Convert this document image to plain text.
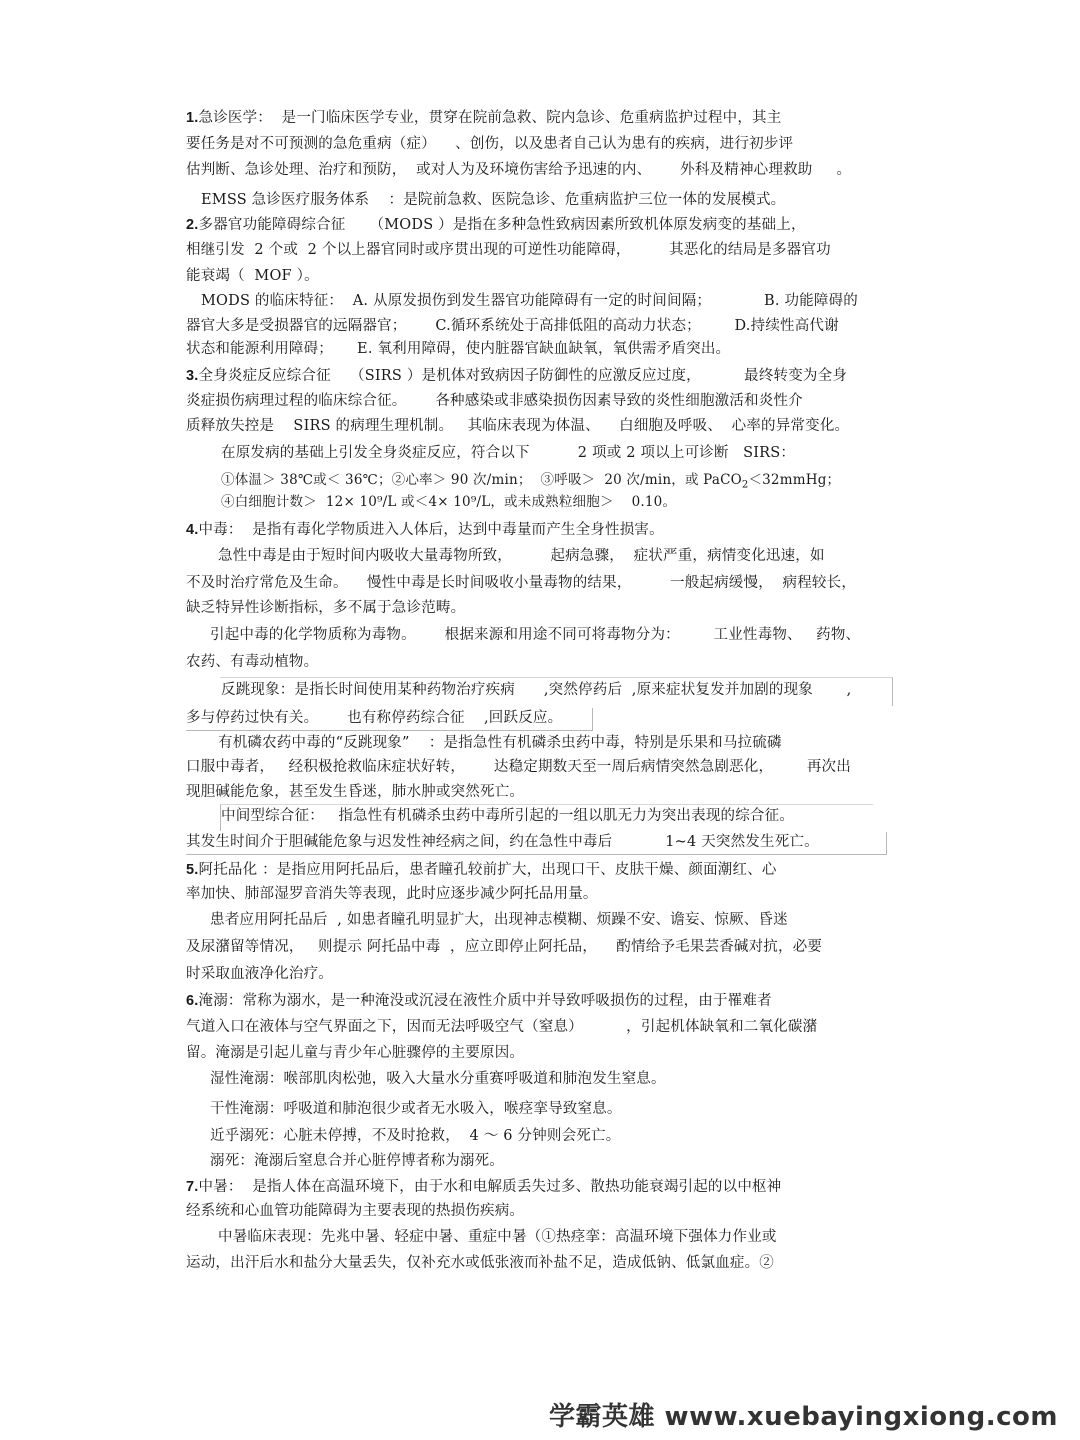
1.急诊医学：  是一门临床医学专业，贯穿在院前急救、院内急诊、危重病监护过程中，其主
要任务是对不可预测的急危重病（症）    、创伤，以及患者自己认为患有的疾病，进行初步评
估判断、急诊处理、治疗和预防，  或对人为及环境伤害给予迅速的内、      外科及精神心理救助     。
EMSS 急诊医疗服务体系    ：是院前急救、医院急诊、危重病监护三位一体的发展模式。
2.多器官功能障碍综合征     （MODS ）是指在多种急性致病因素所致机体原发病变的基础上，
相继引发  2 个或  2 个以上器官同时或序贯出现的可逆性功能障碍，        其恶化的结局是多器官功
能衰竭（  MOF ）。
MODS 的临床特征：  A. 从原发损伤到发生器官功能障碍有一定的时间间隔；           B. 功能障碍的
器官大多是受损器官的远隔器官；      C.循环系统处于高排低阻的高动力状态；       D.持续性高代谢
状态和能源利用障碍；     E. 氧利用障碍，使内脏器官缺血缺氧，氧供需矛盾突出。
3.全身炎症反应综合征    （SIRS ）是机体对致病因子防御性的应激反应过度，         最终转变为全身
炎症损伤病理过程的临床综合征。      各种感染或非感染损伤因素导致的炎性细胞激活和炎性介
质释放失控是    SIRS 的病理生理机制。   其临床表现为体温、    白细胞及呼吸、  心率的异常变化。
在原发病的基础上引发全身炎症反应，符合以下          2 项或 2 项以上可诊断   SIRS：
①体温＞ 38℃或＜ 36℃；②心率＞ 90 次/min；  ③呼吸＞  20 次/min，或 PaCO$_2$＜32mmHg；
④白细胞计数＞  12× 10⁹/L 或＜4× 10⁹/L，或未成熟粒细胞＞    0.10。
4.中毒：  是指有毒化学物质进入人体后，达到中毒量而产生全身性损害。
急性中毒是由于短时间内吸收大量毒物所致，        起病急骤，  症状严重，病情变化迅速，如
不及时治疗常危及生命。    慢性中毒是长时间吸收小量毒物的结果，        一般起病缓慢，  病程较长，
缺乏特异性诊断指标，多不属于急诊范畴。
引起中毒的化学物质称为毒物。      根据来源和用途不同可将毒物分为：       工业性毒物、   药物、
农药、有毒动植物。
反跳现象：是指长时间使用某种药物治疗疾病      ,突然停药后  ,原来症状复发并加剧的现象       ,
多与停药过快有关。      也有称停药综合征    ,回跃反应。
有机磷农药中毒的“反跳现象”    ：是指急性有机磷杀虫药中毒，特别是乐果和马拉硫磷
口服中毒者，   经积极抢救临床症状好转，      达稳定期数天至一周后病情突然急剧恶化，       再次出
现胆碱能危象，甚至发生昏迷，肺水肿或突然死亡。
中间型综合征：   指急性有机磷杀虫药中毒所引起的一组以肌无力为突出表现的综合征。
其发生时间介于胆碱能危象与迟发性神经病之间，约在急性中毒后           1~4 天突然发生死亡。
5.阿托品化 ：是指应用阿托品后，患者瞳孔较前扩大，出现口干、皮肤干燥、颜面潮红、心
率加快、肺部湿罗音消失等表现，此时应逐步减少阿托品用量。
患者应用阿托品后  , 如患者瞳孔明显扩大，出现神志模糊、烦躁不安、谵妄、惊厥、昏迷
及尿潴留等情况，   则提示 阿托品中毒  ，应立即停止阿托品，    酌情给予毛果芸香碱对抗，必要
时采取血液净化治疗。
6.淹溺：常称为溺水，是一种淹没或沉浸在液性介质中并导致呼吸损伤的过程，由于罹难者
气道入口在液体与空气界面之下，因而无法呼吸空气（窒息）         ，引起机体缺氧和二氧化碳潴
留。淹溺是引起儿童与青少年心脏骤停的主要原因。
湿性淹溺：喉部肌肉松弛，吸入大量水分重赛呼吸道和肺泡发生窒息。
干性淹溺：呼吸道和肺泡很少或者无水吸入，喉痉挛导致窒息。
近乎溺死：心脏未停搏，不及时抢救，  4 ～ 6 分钟则会死亡。
溺死：淹溺后窒息合并心脏停博者称为溺死。
7.中暑：  是指人体在高温环境下，由于水和电解质丢失过多、散热功能衰竭引起的以中枢神
经系统和心血管功能障碍为主要表现的热损伤疾病。
中暑临床表现：先兆中暑、轻症中暑、重症中暑（①热痉挛：高温环境下强体力作业或
运动，出汗后水和盐分大量丢失，仅补充水或低张液而补盐不足，造成低钠、低氯血症。②
学霸英雄 www.xuebayingxiong.com
